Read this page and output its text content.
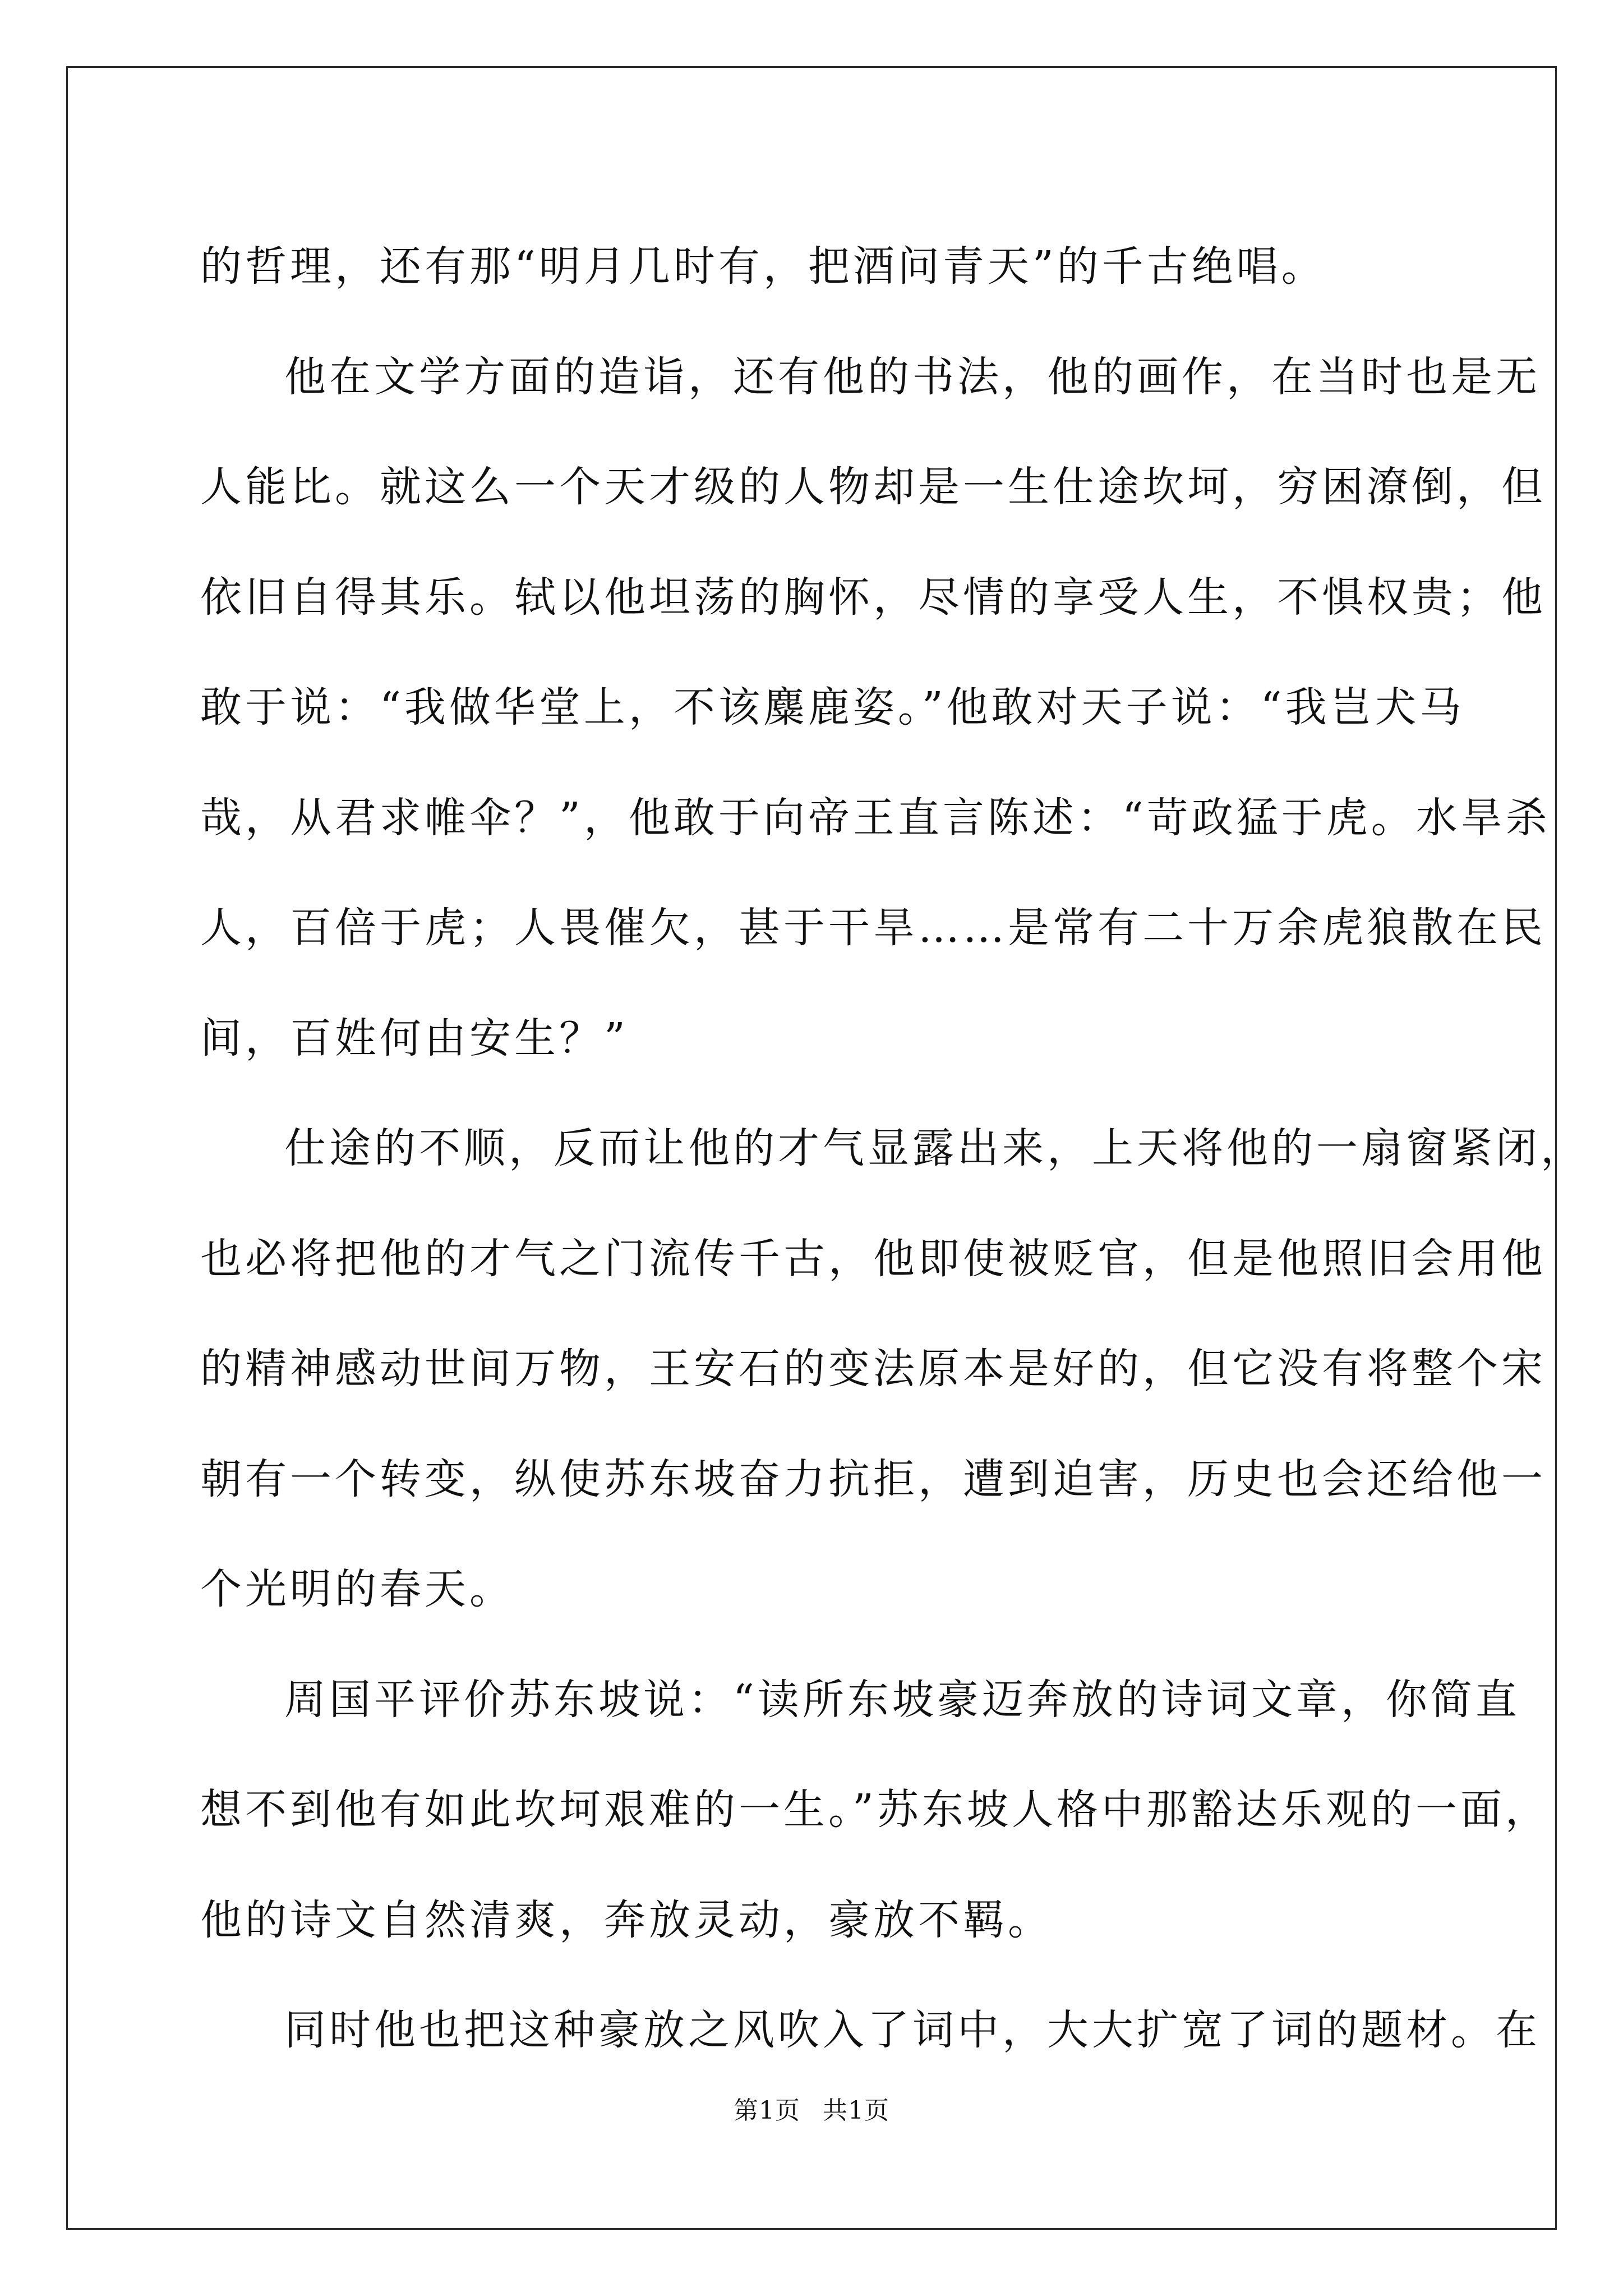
的哲理，还有那“明月几时有，把酒问青天”的千古绝唱。

他在文学方面的造诣，还有他的书法，他的画作，在当时也是无

人能比。就这么一个天才级的人物却是一生仕途坎坷，穷困潦倒，但

依旧自得其乐。轼以他坦荡的胸怀，尽情的享受人生，不惧权贵；他

敢于说：“我做华堂上，不该麋鹿姿。”他敢对天子说：“我岂犬马

哉，从君求帷伞？”，他敢于向帝王直言陈述：“苛政猛于虎。水旱杀

人，百倍于虎；人畏催欠，甚于干旱……是常有二十万余虎狼散在民

间，百姓何由安生？”

仕途的不顺，反而让他的才气显露出来，上天将他的一扇窗紧闭，

也必将把他的才气之门流传千古，他即使被贬官，但是他照旧会用他

的精神感动世间万物，王安石的变法原本是好的，但它没有将整个宋

朝有一个转变，纵使苏东坡奋力抗拒，遭到迫害，历史也会还给他一

个光明的春天。

周国平评价苏东坡说：“读所东坡豪迈奔放的诗词文章，你简直

想不到他有如此坎坷艰难的一生。”苏东坡人格中那豁达乐观的一面，

他的诗文自然清爽，奔放灵动，豪放不羁。

同时他也把这种豪放之风吹入了词中，大大扩宽了词的题材。在

第1页 共1页
